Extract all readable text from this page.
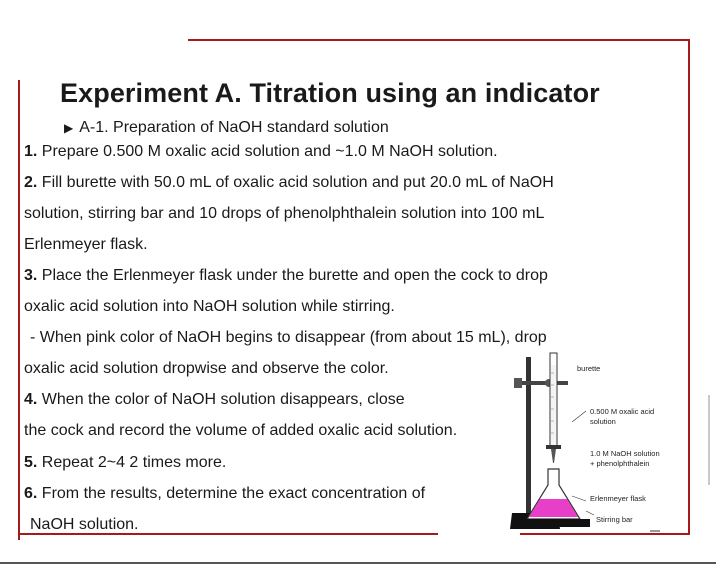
Experiment A. Titration using an indicator
▶ A-1. Preparation of NaOH standard solution
1. Prepare 0.500 M oxalic acid solution and ~1.0 M NaOH solution.
2. Fill burette with 50.0 mL of oxalic acid solution and put 20.0 mL of NaOH
solution, stirring bar and 10 drops of phenolphthalein solution into 100 mL
Erlenmeyer flask.
3. Place the Erlenmeyer flask under the burette and open the cock to drop
oxalic acid solution into NaOH solution while stirring.
- When pink color of NaOH begins to disappear (from about 15 mL), drop
oxalic acid solution dropwise and observe the color.
4. When the color of NaOH solution disappears, close
the cock and record the volume of added oxalic acid solution.
5. Repeat 2~4 2 times more.
6. From the results, determine the exact concentration of
NaOH solution.
burette
0.500 M oxalic acid
solution
1.0 M NaOH solution
+ phenolphthalein
Erlenmeyer flask
Stirring bar
